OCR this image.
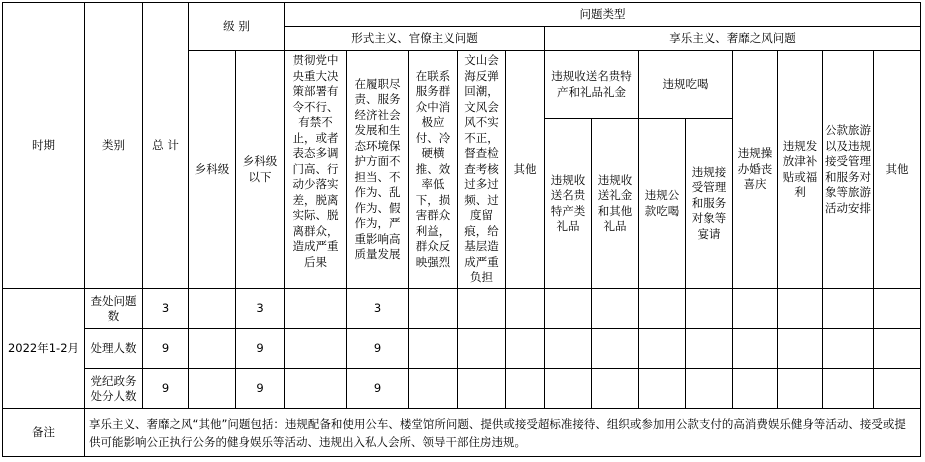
时期	类别	总 计	级 别		问题类型												
					形式主义、官僚主义问题					享乐主义、奢靡之风问题							
			乡科级	乡科级以下	贯彻党中央重大决策部署有令不行、有禁不止，或者表态多调门高、行动少落实差，脱离实际、脱离群众，造成严重后果	在履职尽责、服务经济社会发展和生态环境保护方面不担当、不作为、乱作为、假作为，严重影响高质量发展	在联系服务群众中消极应付、冷硬横推、效率低下，损害群众利益，群众反映强烈	文山会海反弹回潮，文风会风不实不正，督查检查考核过多过频、过度留痕，给基层造成严重负担	其他	违规收送名贵特产和礼品礼金		违规吃喝		违规操办婚丧喜庆	违规发放津补贴或福利	公款旅游以及违规接受管理和服务对象等旅游活动安排	其他
										违规收送名贵特产类礼品	违规收送礼金和其他礼品	违规公款吃喝	违规接受管理和服务对象等宴请				
2022年1-2月	查处问题数	3		3		3											
	处理人数	9		9		9											
	党纪政务处分人数	9		9		9											
备注	享乐主义、奢靡之风“其他”问题包括：违规配备和使用公车、楼堂馆所问题、提供或接受超标准接待、组织或参加用公款支付的高消费娱乐健身等活动、接受或提供可能影响公正执行公务的健身娱乐等活动、违规出入私人会所、领导干部住房违规。																
